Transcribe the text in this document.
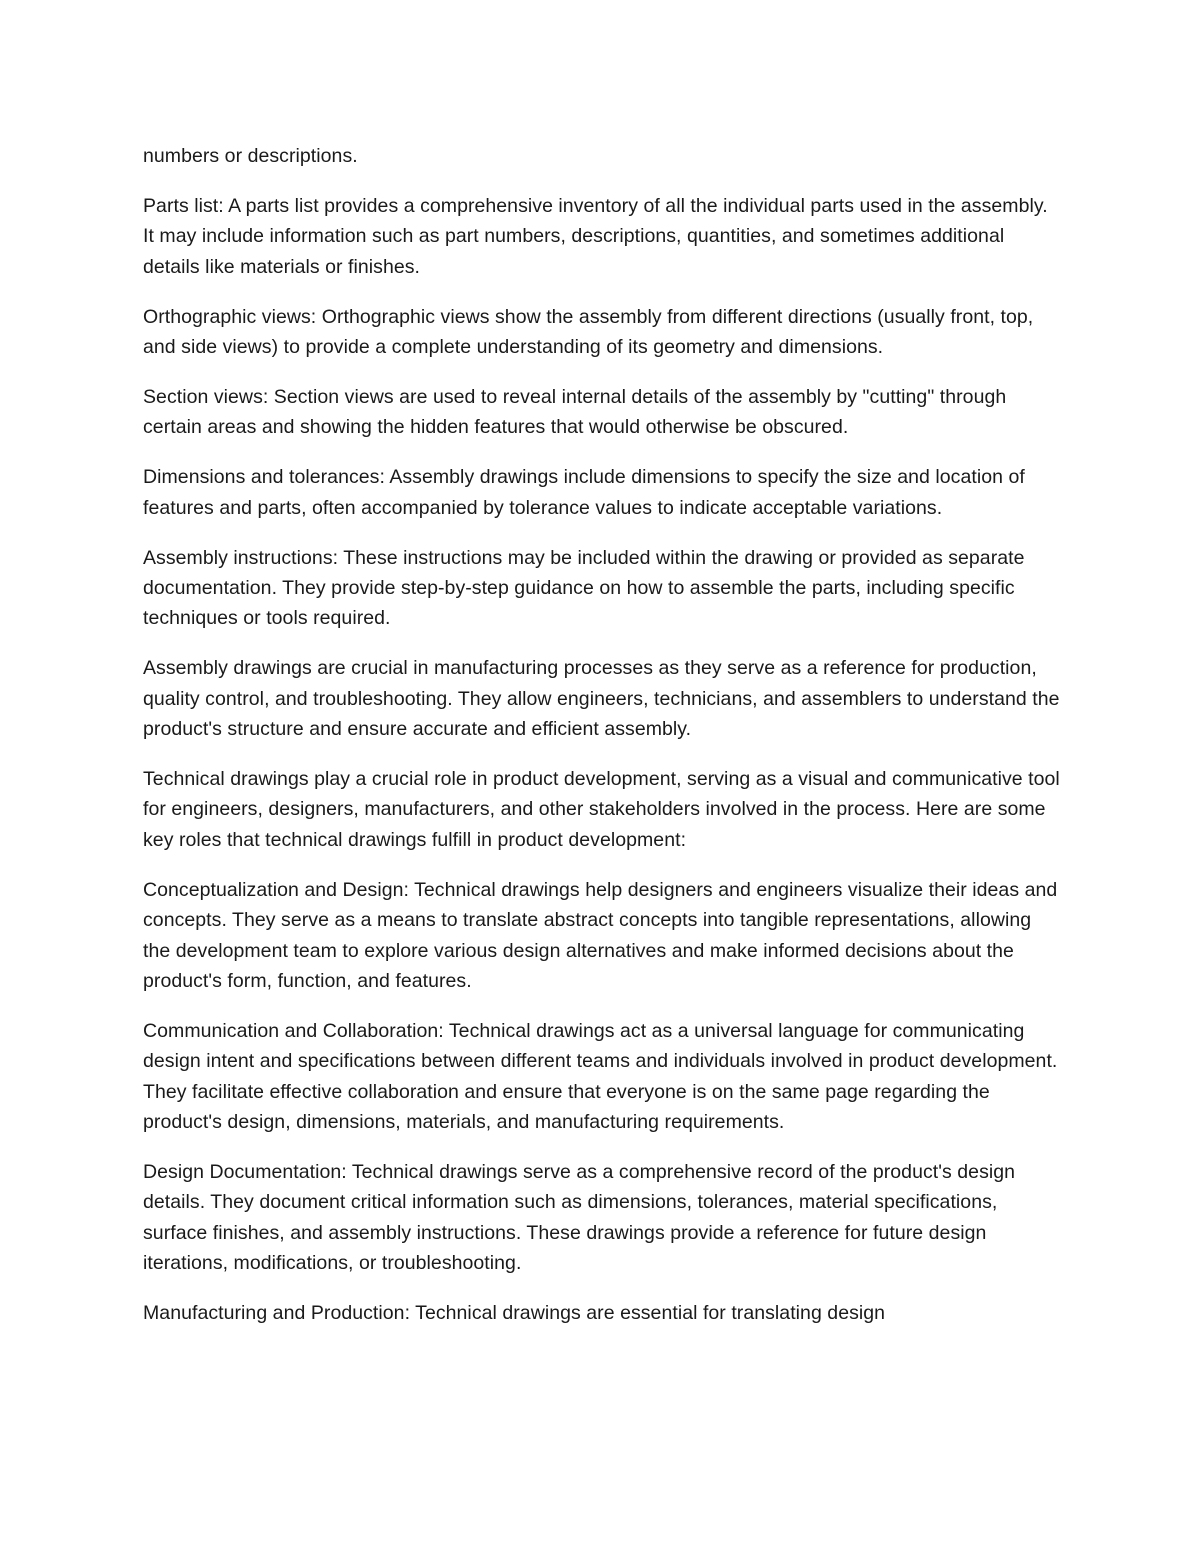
numbers or descriptions.

Parts list: A parts list provides a comprehensive inventory of all the individual parts used in the assembly. It may include information such as part numbers, descriptions, quantities, and sometimes additional details like materials or finishes.

Orthographic views: Orthographic views show the assembly from different directions (usually front, top, and side views) to provide a complete understanding of its geometry and dimensions.

Section views: Section views are used to reveal internal details of the assembly by "cutting" through certain areas and showing the hidden features that would otherwise be obscured.

Dimensions and tolerances: Assembly drawings include dimensions to specify the size and location of features and parts, often accompanied by tolerance values to indicate acceptable variations.

Assembly instructions: These instructions may be included within the drawing or provided as separate documentation. They provide step-by-step guidance on how to assemble the parts, including specific techniques or tools required.

Assembly drawings are crucial in manufacturing processes as they serve as a reference for production, quality control, and troubleshooting. They allow engineers, technicians, and assemblers to understand the product's structure and ensure accurate and efficient assembly.

Technical drawings play a crucial role in product development, serving as a visual and communicative tool for engineers, designers, manufacturers, and other stakeholders involved in the process. Here are some key roles that technical drawings fulfill in product development:

Conceptualization and Design: Technical drawings help designers and engineers visualize their ideas and concepts. They serve as a means to translate abstract concepts into tangible representations, allowing the development team to explore various design alternatives and make informed decisions about the product's form, function, and features.

Communication and Collaboration: Technical drawings act as a universal language for communicating design intent and specifications between different teams and individuals involved in product development. They facilitate effective collaboration and ensure that everyone is on the same page regarding the product's design, dimensions, materials, and manufacturing requirements.

Design Documentation: Technical drawings serve as a comprehensive record of the product's design details. They document critical information such as dimensions, tolerances, material specifications, surface finishes, and assembly instructions. These drawings provide a reference for future design iterations, modifications, or troubleshooting.

Manufacturing and Production: Technical drawings are essential for translating design
